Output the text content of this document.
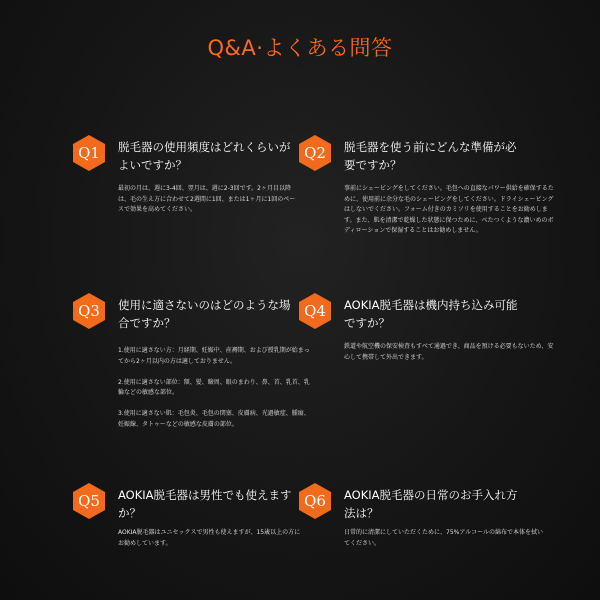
Q&A·よくある問答
Q1	脱毛器の使用頻度はどれくらいがよいですか？
最初の月は、週に3-4回、翌月は、週に2-3回です。2ヶ月目以降は、毛の生え方に合わせて2週間に1回、または1ヶ月に1回のペースで効果を高めてください。
Q2	脱毛器を使う前にどんな準備が必要ですか？
事前にシェービングをしてください。毛包への直接なパワー供給を確保するために、使用前に余分な毛のシェービングをしてください。ドライシェービングはしないでください。フォーム付きのカミソリを使用することをお勧めします。また、肌を清潔で乾燥した状態に保つために、べたつくような濃いめのボディローションで保湿することはお勧めしません。
Q3	使用に適さないのはどのような場合ですか？
1.使用に適さない方：月経期、妊娠中、産褥期、および授乳期が始まってから2ヶ月以内の方は適しておりません。

2.使用に適さない部位：額、髪、瞼周、眼のまわり、鼻、首、乳首、乳輪などの敏感な部位。

3.使用に適さない肌：毛包炎、毛包の閉塞、皮膚病、光過敏症、腫瘍、妊娠線、タトゥーなどの敏感な皮膚の部位。
Q4	AOKIA脱毛器は機内持ち込み可能ですか？
鉄道や航空機の保安検査もすべて通過でき、商品を預ける必要もないため、安心して携帯して外出できます。
Q5	AOKIA脱毛器は男性でも使えますか？
AOKIA脱毛器はユニセックスで男性も使えますが、15歳以上の方にお勧めしています。
Q6	AOKIA脱毛器の日常のお手入れ方法は？
日常的に清潔にしていただくために、75%アルコールの綿布で本体を拭いてください。
